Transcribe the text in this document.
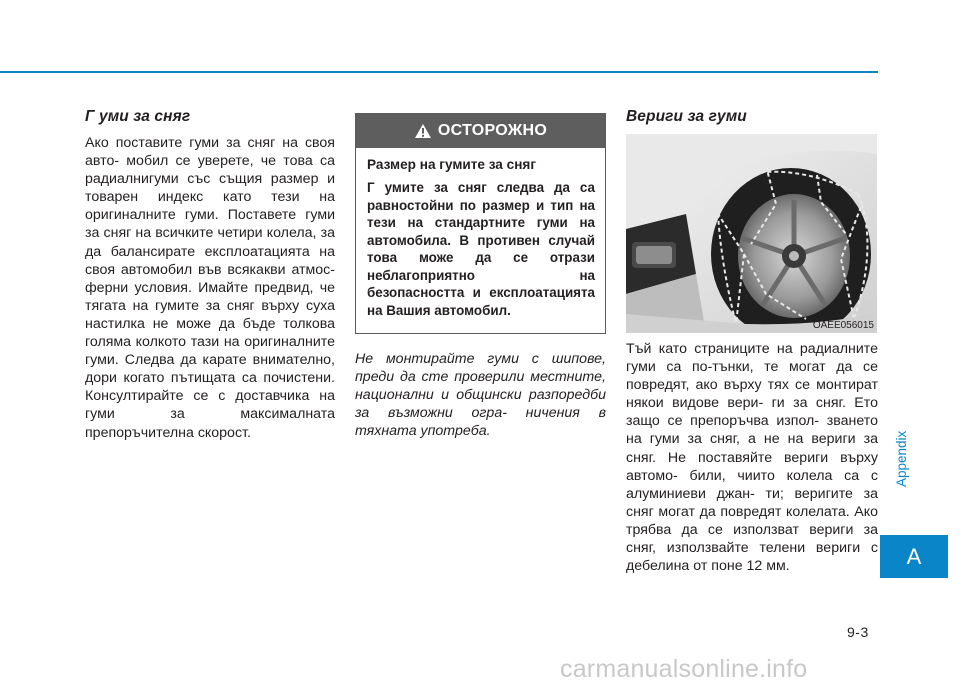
Г уми за сняг

Ако поставите гуми за сняг на своя авто- мобил се уверете, че това са радиалнигуми със същия размер и товарен индекс като тези на оригиналните гуми. Поставете гуми за сняг на всичките четири колела, за да балансирате експлоатацията на своя автомобил във всякакви атмос- ферни условия. Имайте предвид, че тягата на гумите за сняг върху суха настилка не може да бъде толкова голяма колкото тази на оригиналните гуми. Следва да карате внимателно, дори когато пътищата са почистени. Консултирайте се с доставчика на гуми за максималната препоръчителна скорост.

ОСТОРОЖНО

Размер на гумите за сняг

Г умите за сняг следва да са равностойни по размер и тип на тези на стандартните гуми на автомобила. В противен случай това може да се отрази неблагоприятно на безопасността и експлоатацията на Вашия автомобил.

Не монтирайте гуми с шипове, преди да сте проверили местните, национални и общински разпоредби за възможни огра- ничения в тяхната употреба.

Вериги за гуми
OAEE056015

Тъй като страниците на радиалните гуми са по-тънки, те могат да се повредят, ако върху тях се монтират някои видове вери- ги за сняг. Ето защо се препоръчва изпол- зването на гуми за сняг, а не на вериги за сняг. Не поставяйте вериги върху автомо- били, чиито колела са с алуминиеви джан- ти; веригите за сняг могат да повредят колелата. Ако трябва да се използват вериги за сняг, използвайте телени вериги с дебелина от поне 12 мм.

Appendix
A
9-3
carmanualsonline.info
